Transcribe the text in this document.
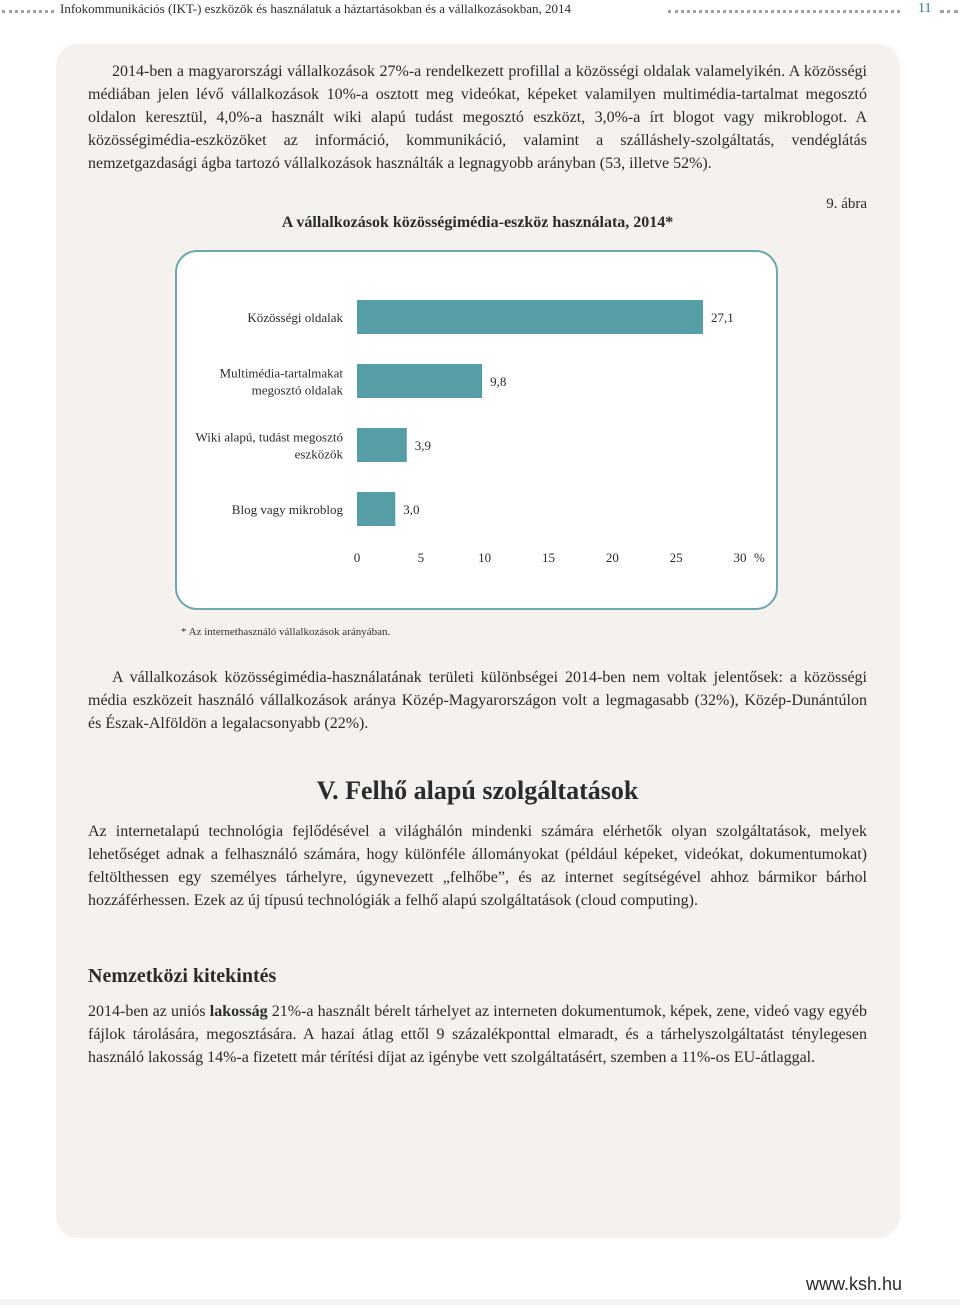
Infokommunikációs (IKT-) eszközök és használatuk a háztartásokban és a vállalkozásokban, 2014	11

2014-ben a magyarországi vállalkozások 27%-a rendelkezett profillal a közösségi oldalak valamelyikén. A közösségi médiában jelen lévő vállalkozások 10%-a osztott meg videókat, képeket valamilyen multimédia-tartalmat megosztó oldalon keresztül, 4,0%-a használt wiki alapú tudást megosztó eszközt, 3,0%-a írt blogot vagy mikroblogot. A közösségimédia-eszközöket az információ, kommunikáció, valamint a szálláshely-szolgáltatás, vendéglátás nemzetgazdasági ágba tartozó vállalkozások használták a legnagyobb arányban (53, illetve 52%).

9. ábra
A vállalkozások közösségimédia-eszköz használata, 2014*
Közösségi oldalak	27,1
Multimédia-tartalmakat
megosztó oldalak
9,8
Wiki alapú, tudást megosztó
eszközök
3,9
Blog vagy mikroblog	3,0
0	5	10	15	20	25	30 %
* Az internethasználó vállalkozások arányában.

A vállalkozások közösségimédia-használatának területi különbségei 2014-ben nem voltak jelentősek: a közösségi média eszközeit használó vállalkozások aránya Közép-Magyarországon volt a legmagasabb (32%), Közép-Dunántúlon és Észak-Alföldön a legalacsonyabb (22%).

V. Felhő alapú szolgáltatások

Az internetalapú technológia fejlődésével a világhálón mindenki számára elérhetők olyan szolgáltatások, melyek lehetőséget adnak a felhasználó számára, hogy különféle állományokat (például képeket, videókat, dokumentumokat) feltölthessen egy személyes tárhelyre, úgynevezett „felhőbe”, és az internet segítségével ahhoz bármikor bárhol hozzáférhessen. Ezek az új típusú technológiák a felhő alapú szolgáltatások (cloud computing).

Nemzetközi kitekintés

2014-ben az uniós lakosság 21%-a használt bérelt tárhelyet az interneten dokumentumok, képek, zene, videó vagy egyéb fájlok tárolására, megosztására. A hazai átlag ettől 9 százalékponttal elmaradt, és a tárhelyszolgáltatást ténylegesen használó lakosság 14%-a fizetett már térítési díjat az igénybe vett szolgáltatásért, szemben a 11%-os EU-átlaggal.

www.ksh.hu
